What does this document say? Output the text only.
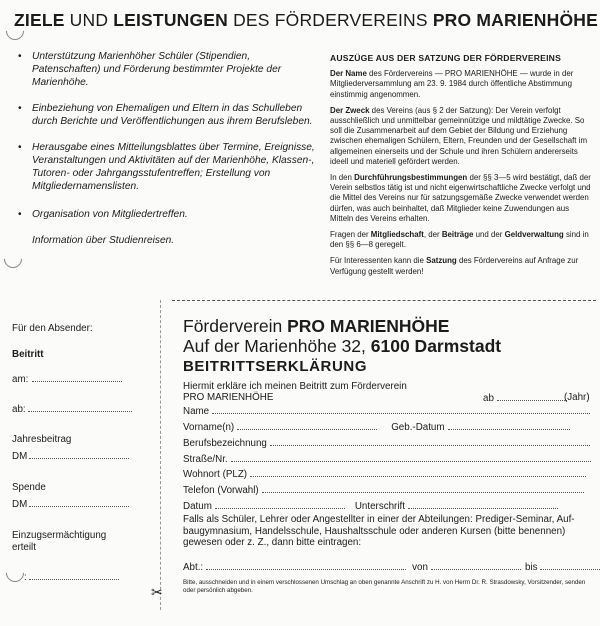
ZIELE UND LEISTUNGEN DES FÖRDERVEREINS PRO MARIENHÖHE
• Unterstützung Marienhöher Schüler (Stipendien, Patenschaften) und Förderung bestimmter Projekte der Marienhöhe.
• Einbeziehung von Ehemaligen und Eltern in das Schulleben durch Berichte und Veröffentlichungen aus ihrem Berufsleben.
• Herausgabe eines Mitteilungsblattes über Termine, Ereignisse, Veranstaltungen und Aktivitäten auf der Marienhöhe, Klassen-, Tutoren- oder Jahrgangsstufentreffen; Erstellung von Mitgliedernamenslisten.
• Organisation von Mitgliedertreffen.
Information über Studienreisen.
AUSZÜGE AUS DER SATZUNG DER FÖRDERVEREINS

Der Name des Fördervereins — PRO MARIENHÖHE — wurde in der Mitgliederversammlung am 23. 9. 1984 durch öffentliche Abstimmung einstimmig angenommen.

Der Zweck des Vereins (aus § 2 der Satzung): Der Verein verfolgt ausschließlich und unmittelbar gemeinnützige und mildtätige Zwecke. So soll die Zusammenarbeit auf dem Gebiet der Bildung und Erziehung zwischen ehemaligen Schülern, Eltern, Freunden und der Gesellschaft im allgemeinen einerseits und der Schule und ihren Schülern andererseits ideell und materiell gefördert werden.

In den Durchführungsbestimmungen der §§ 3—5 wird bestätigt, daß der Verein selbstlos tätig ist und nicht eigenwirtschaftliche Zwecke verfolgt und die Mittel des Vereins nur für satzungsgemäße Zwecke verwendet werden dürfen, was auch beinhaltet, daß Mitglieder keine Zuwendungen aus Mitteln des Vereins erhalten.

Fragen der Mitgliedschaft, der Beiträge und der Geldverwaltung sind in den §§ 6—8 geregelt.

Für Interessenten kann die Satzung des Fördervereins auf Anfrage zur Verfügung gestellt werden!

Für den Absender:
Beitritt
am:
ab:
Jahresbeitrag
DM
Spende
DM
Einzugsermächtigung
erteilt
:
Förderverein PRO MARIENHÖHE
Auf der Marienhöhe 32, 6100 Darmstadt
BEITRITTSERKLÄRUNG
Hiermit erkläre ich meinen Beitritt zum Förderverein
PRO MARIENHÖHE	ab	(Jahr)
Name
Vorname(n)	Geb.-Datum
Berufsbezeichnung
Straße/Nr.
Wohnort (PLZ)
Telefon (Vorwahl)
Datum	Unterschrift
Falls als Schüler, Lehrer oder Angestellter in einer der Abteilungen: Prediger-Seminar, Auf-
baugymnasium, Handelsschule, Haushaltsschule oder anderen Kursen (bitte benennen)
gewesen oder z. Z., dann bitte eintragen:
Abt.:	von	bis
Bitte, ausschneiden und in einem verschlossenen Umschlag an oben genannte Anschrift zu H. von Herrn Dr. R. Strasdowsky, Vorsitzender, senden oder persönlich abgeben.
✂
